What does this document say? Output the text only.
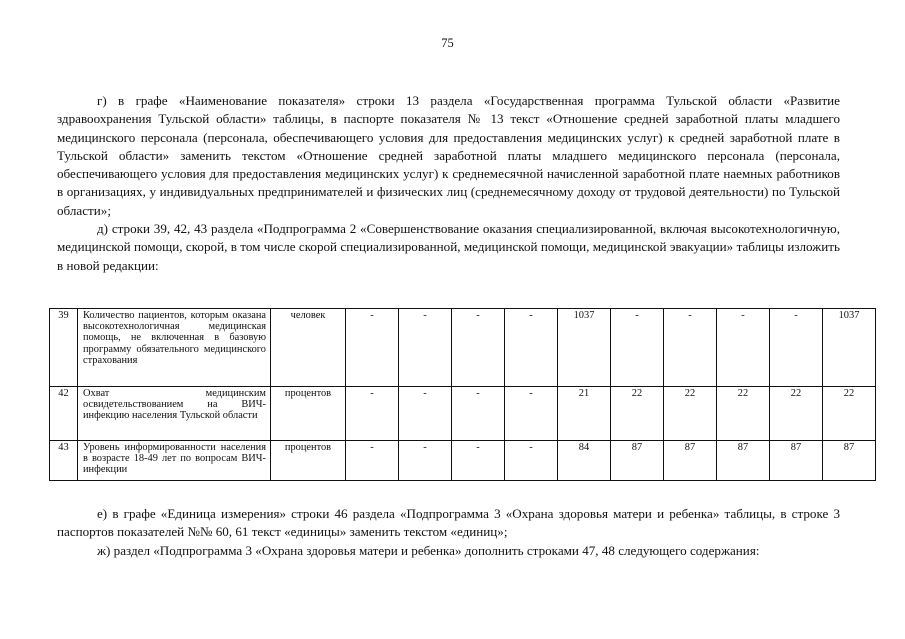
75

г) в графе «Наименование показателя» строки 13 раздела «Государственная программа Тульской области «Развитие здравоохранения Тульской области» таблицы, в паспорте показателя № 13 текст «Отношение средней заработной платы младшего медицинского персонала (персонала, обеспечивающего условия для предоставления медицинских услуг) к средней заработной плате в Тульской области» заменить текстом «Отношение средней заработной платы младшего медицинского персонала (персонала, обеспечивающего условия для предоставления медицинских услуг) к среднемесячной начисленной заработной плате наемных работников в организациях, у индивидуальных предпринимателей и физических лиц (среднемесячному доходу от трудовой деятельности) по Тульской области»;

д) строки 39, 42, 43 раздела «Подпрограмма 2 «Совершенствование оказания специализированной, включая высокотехнологичную, медицинской помощи, скорой, в том числе скорой специализированной, медицинской помощи, медицинской эвакуации» таблицы изложить в новой редакции:

39	Количество пациентов, которым оказана высокотехнологичная медицинская помощь, не включенная в базовую программу обязательного медицинского страхования	человек	-	-	-	-	1037	-	-	-	-	1037
42	Охват медицинским освидетельствованием на ВИЧ-инфекцию населения Тульской области	процентов	-	-	-	-	21	22	22	22	22	22
43	Уровень информированности населения в возрасте 18-49 лет по вопросам ВИЧ-инфекции	процентов	-	-	-	-	84	87	87	87	87	87

е) в графе «Единица измерения» строки 46 раздела «Подпрограмма 3 «Охрана здоровья матери и ребенка» таблицы, в строке 3 паспортов показателей №№ 60, 61 текст «единицы» заменить текстом «единиц»;

ж) раздел «Подпрограмма 3 «Охрана здоровья матери и ребенка» дополнить строками 47, 48 следующего содержания:
